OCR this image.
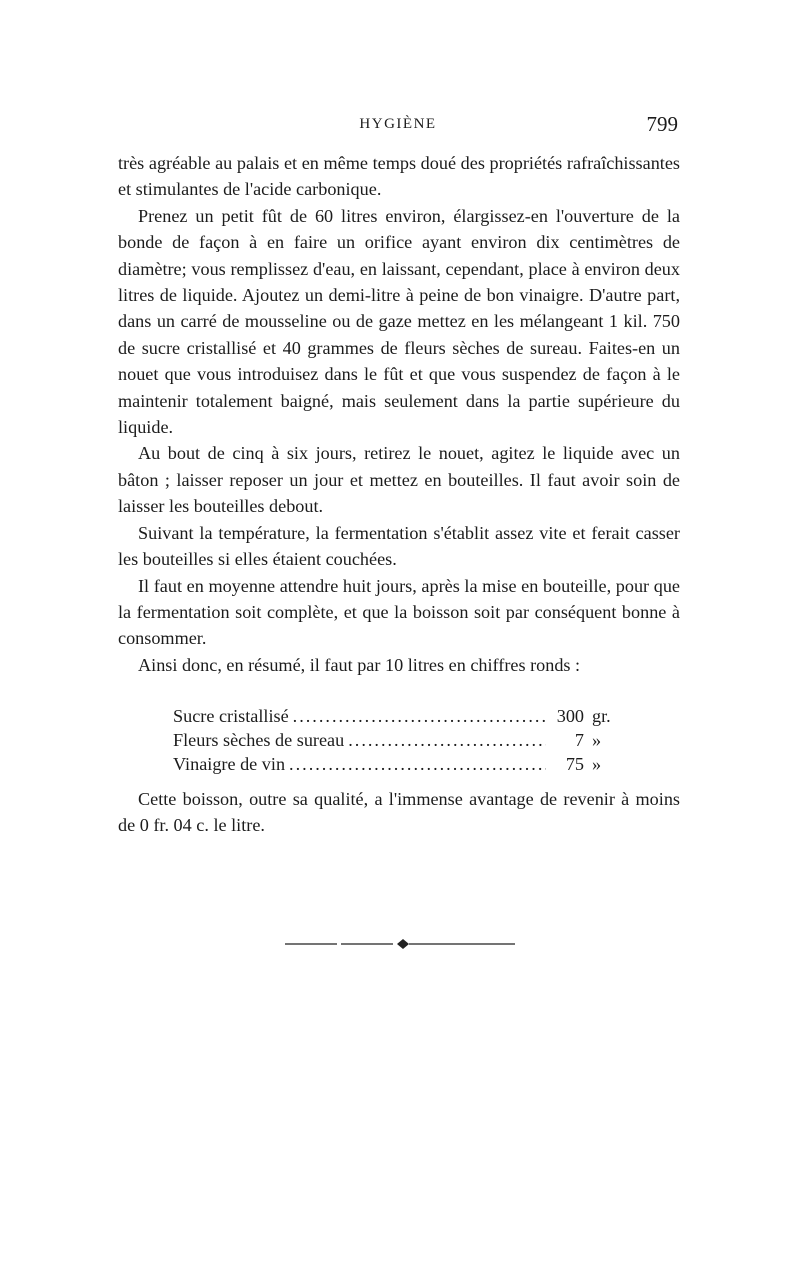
HYGIÈNE	799

très agréable au palais et en même temps doué des propriétés rafraîchissantes et stimulantes de l'acide carbonique.

Prenez un petit fût de 60 litres environ, élargissez-en l'ouverture de la bonde de façon à en faire un orifice ayant environ dix centimètres de diamètre; vous remplissez d'eau, en laissant, cependant, place à environ deux litres de liquide. Ajoutez un demi-litre à peine de bon vinaigre. D'autre part, dans un carré de mousseline ou de gaze mettez en les mélangeant 1 kil. 750 de sucre cristallisé et 40 grammes de fleurs sèches de sureau. Faites-en un nouet que vous introduisez dans le fût et que vous suspendez de façon à le maintenir totalement baigné, mais seulement dans la partie supérieure du liquide.

Au bout de cinq à six jours, retirez le nouet, agitez le liquide avec un bâton ; laisser reposer un jour et mettez en bouteilles. Il faut avoir soin de laisser les bouteilles debout.

Suivant la température, la fermentation s'établit assez vite et ferait casser les bouteilles si elles étaient couchées.

Il faut en moyenne attendre huit jours, après la mise en bouteille, pour que la fermentation soit complète, et que la boisson soit par conséquent bonne à consommer.

Ainsi donc, en résumé, il faut par 10 litres en chiffres ronds :

Sucre cristallisé .....	300 gr.
Fleurs sèches de sureau .....	7 »
Vinaigre de vin .....	75 »

Cette boisson, outre sa qualité, a l'immense avantage de revenir à moins de 0 fr. 04 c. le litre.
